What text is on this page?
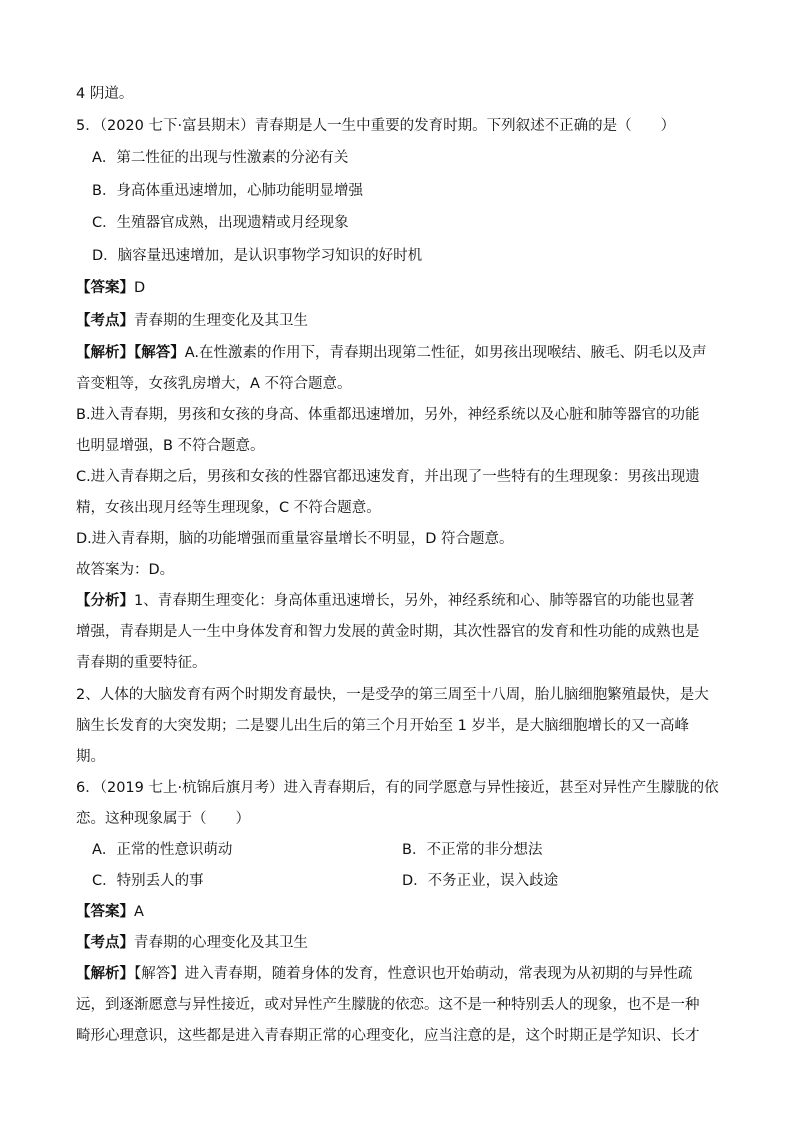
4 阴道。
5．（2020 七下·富县期末）青春期是人一生中重要的发育时期。下列叙述不正确的是（　　）
A．第二性征的出现与性激素的分泌有关
B．身高体重迅速增加，心肺功能明显增强
C．生殖器官成熟，出现遗精或月经现象
D．脑容量迅速增加，是认识事物学习知识的好时机
【答案】D
【考点】青春期的生理变化及其卫生
【解析】【解答】A.在性激素的作用下，青春期出现第二性征，如男孩出现喉结、腋毛、阴毛以及声
音变粗等，女孩乳房增大，A 不符合题意。
B.进入青春期，男孩和女孩的身高、体重都迅速增加，另外，神经系统以及心脏和肺等器官的功能
也明显增强，B 不符合题意。
C.进入青春期之后，男孩和女孩的性器官都迅速发育，并出现了一些特有的生理现象：男孩出现遗
精，女孩出现月经等生理现象，C 不符合题意。
D.进入青春期，脑的功能增强而重量容量增长不明显，D 符合题意。
故答案为：D。
【分析】1、青春期生理变化：身高体重迅速增长，另外，神经系统和心、肺等器官的功能也显著
增强，青春期是人一生中身体发育和智力发展的黄金时期，其次性器官的发育和性功能的成熟也是
青春期的重要特征。
2、人体的大脑发育有两个时期发育最快，一是受孕的第三周至十八周，胎儿脑细胞繁殖最快，是大
脑生长发育的大突发期；二是婴儿出生后的第三个月开始至 1 岁半，是大脑细胞增长的又一高峰
期。
6．（2019 七上·杭锦后旗月考）进入青春期后，有的同学愿意与异性接近，甚至对异性产生朦胧的依
恋。这种现象属于（　　）
A．正常的性意识萌动	B．不正常的非分想法
C．特别丢人的事	D．不务正业，误入歧途
【答案】A
【考点】青春期的心理变化及其卫生
【解析】【解答】进入青春期，随着身体的发育，性意识也开始萌动，常表现为从初期的与异性疏
远，到逐渐愿意与异性接近，或对异性产生朦胧的依恋。这不是一种特别丢人的现象，也不是一种
畸形心理意识，这些都是进入青春期正常的心理变化，应当注意的是，这个时期正是学知识、长才
